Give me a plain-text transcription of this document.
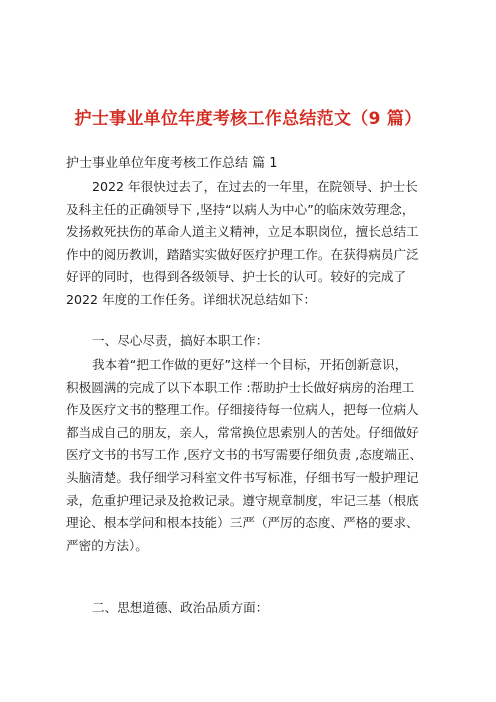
护士事业单位年度考核工作总结范文（9 篇）
护士事业单位年度考核工作总结 篇 1
2022 年很快过去了，在过去的一年里，在院领导、护士长
及科主任的正确领导下 ,坚持“以病人为中心”的临床效劳理念，
发扬救死扶伤的革命人道主义精神，立足本职岗位，擅长总结工
作中的阅历教训，踏踏实实做好医疗护理工作。在获得病员广泛
好评的同时，也得到各级领导、护士长的认可。较好的完成了
2022 年度的工作任务。详细状况总结如下：
一、尽心尽责，搞好本职工作：
我本着“把工作做的更好”这样一个目标，开拓创新意识，
积极圆满的完成了以下本职工作 :帮助护士长做好病房的治理工
作及医疗文书的整理工作。仔细接待每一位病人，把每一位病人
都当成自己的朋友，亲人，常常换位思索别人的苦处。仔细做好
医疗文书的书写工作 ,医疗文书的书写需要仔细负责 ,态度端正、
头脑清楚。我仔细学习科室文件书写标准，仔细书写一般护理记
录，危重护理记录及抢救记录。遵守规章制度，牢记三基（根底
理论、根本学问和根本技能）三严（严厉的态度、严格的要求、
严密的方法）。
二、思想道德、政治品质方面：
